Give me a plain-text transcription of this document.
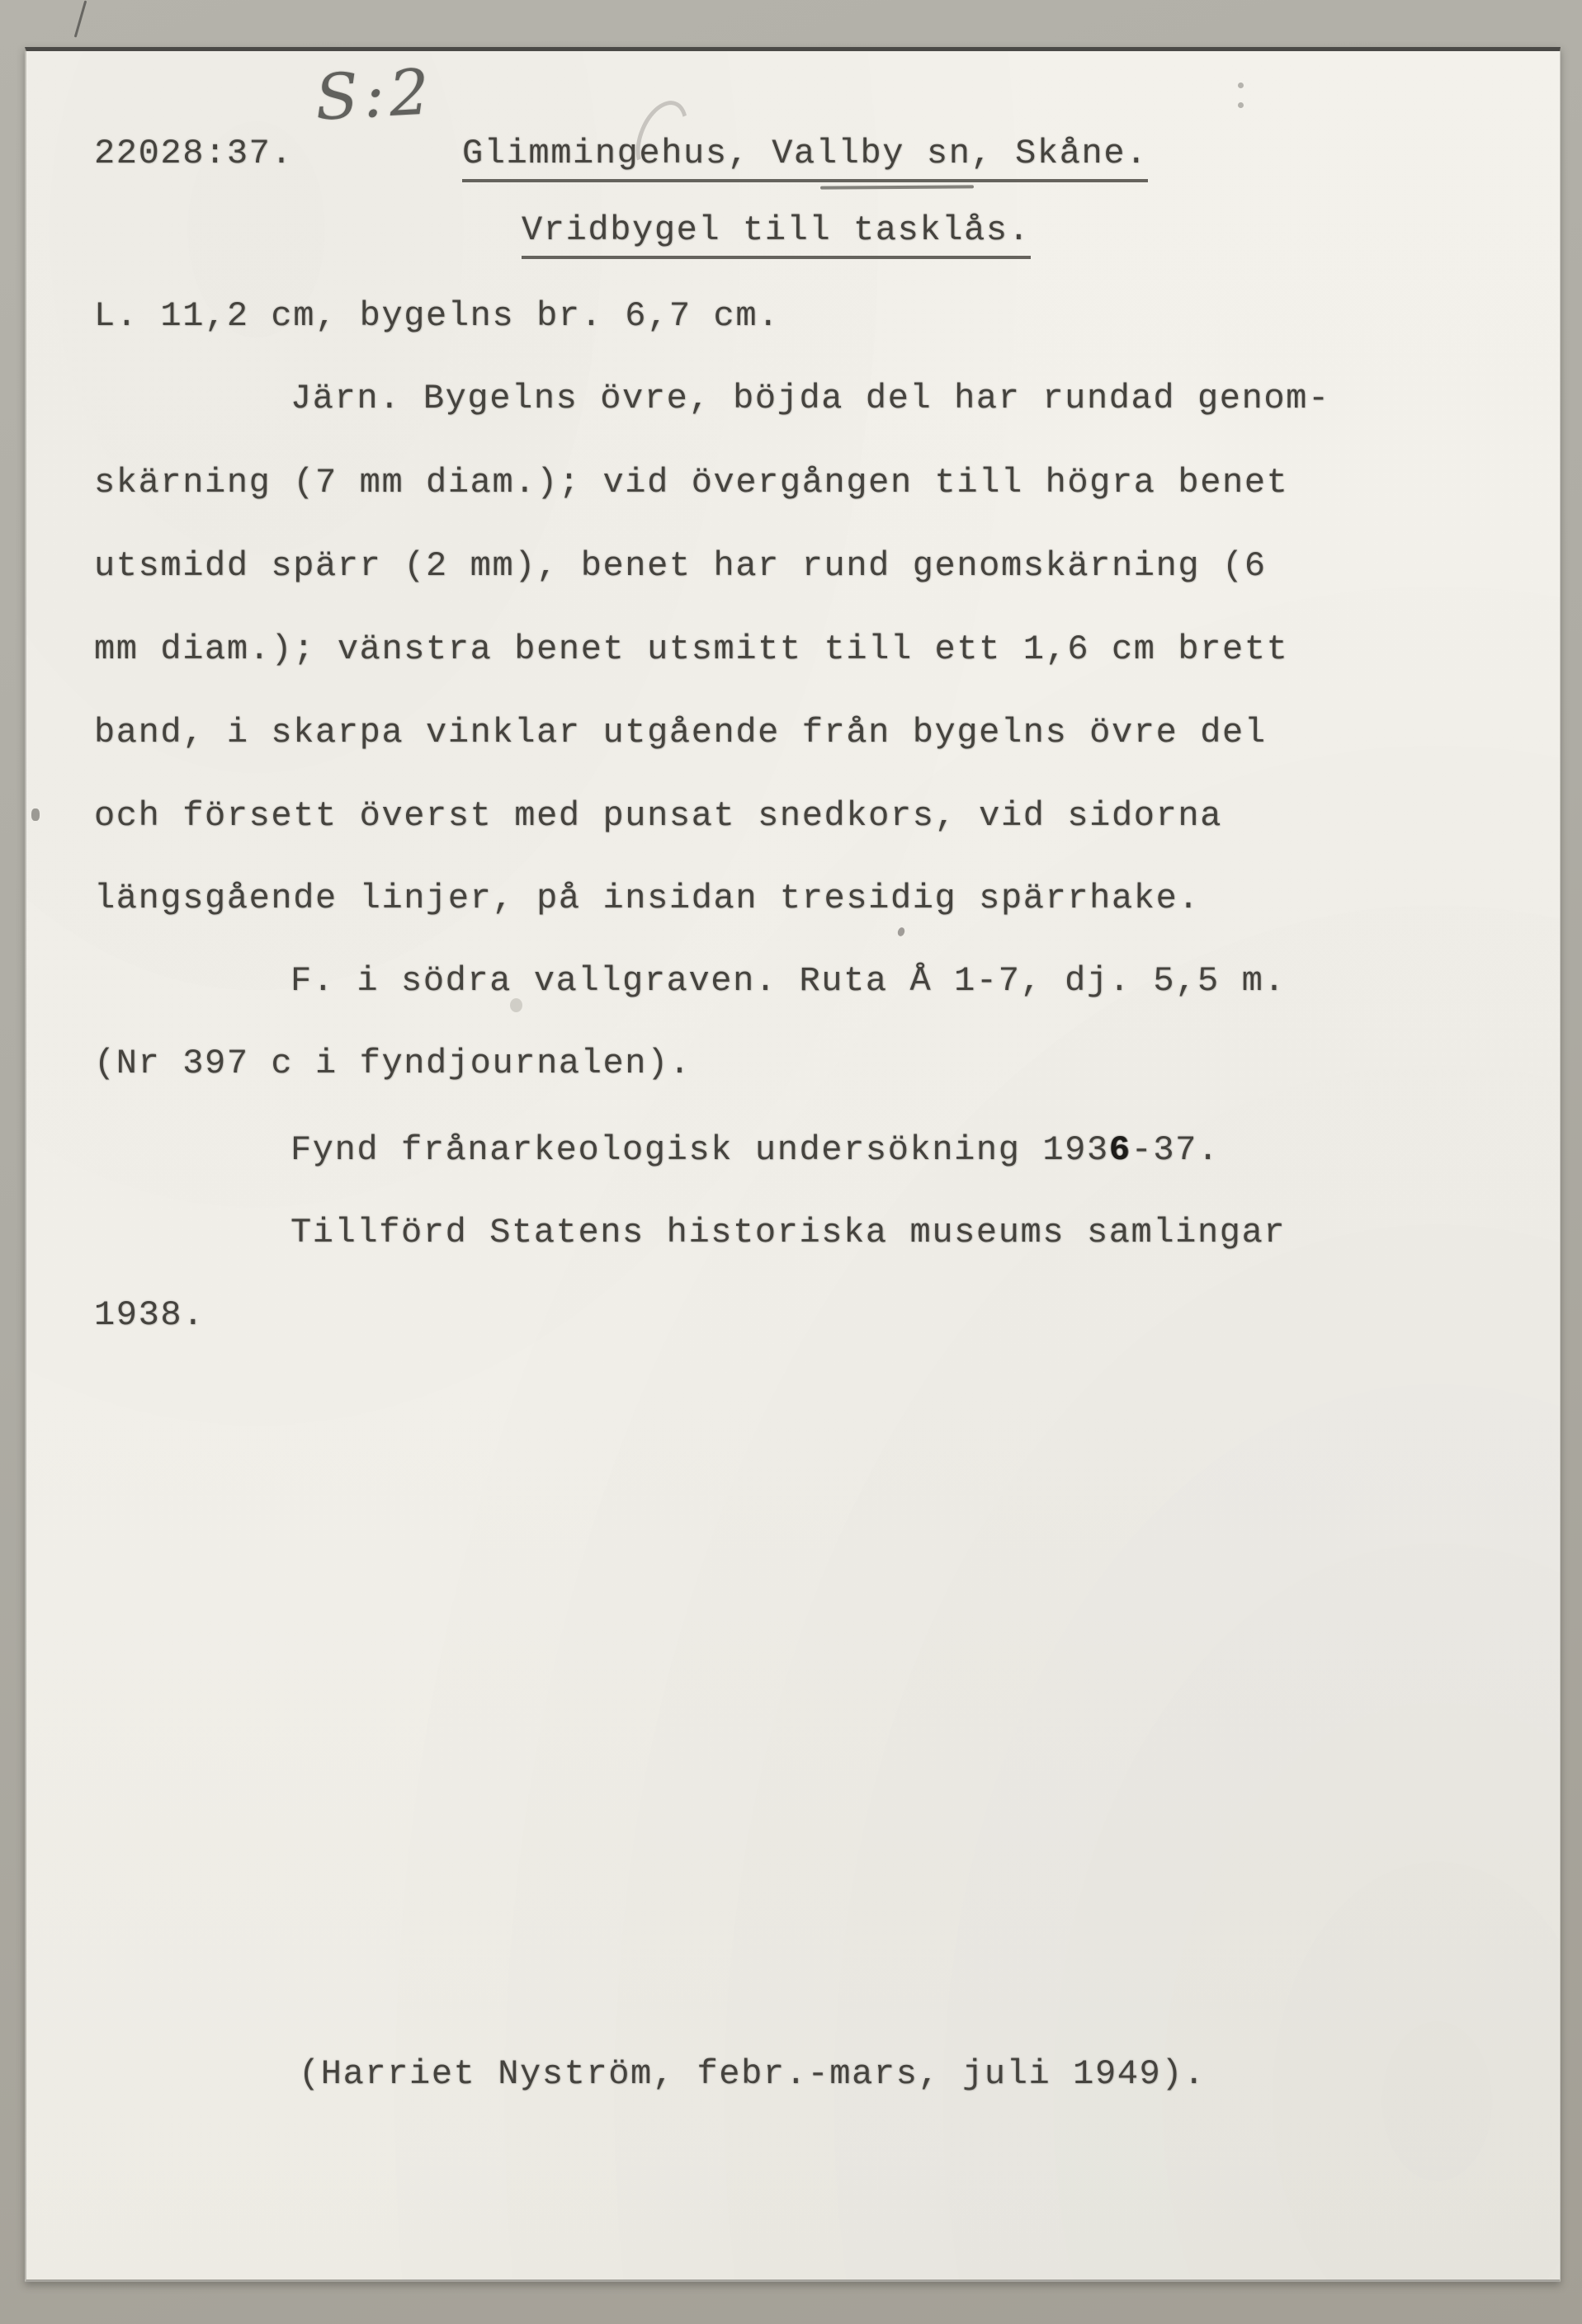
S:2
22028:37.	Glimmingehus, Vallby sn, Skåne.
Vridbygel till tasklås.
L. 11,2 cm, bygelns br. 6,7 cm.
Järn. Bygelns övre, böjda del har rundad genom-
skärning (7 mm diam.); vid övergången till högra benet
utsmidd spärr (2 mm), benet har rund genomskärning (6
mm diam.); vänstra benet utsmitt till ett 1,6 cm brett
band, i skarpa vinklar utgående från bygelns övre del
och försett överst med punsat snedkors, vid sidorna
längsgående linjer, på insidan tresidig spärrhake.
F. i södra vallgraven. Ruta Å 1-7, dj. 5,5 m.
(Nr 397 c i fyndjournalen).
Fynd frånarkeologisk undersökning 1936-37.
Tillförd Statens historiska museums samlingar
1938.
(Harriet Nyström, febr.-mars, juli 1949).
